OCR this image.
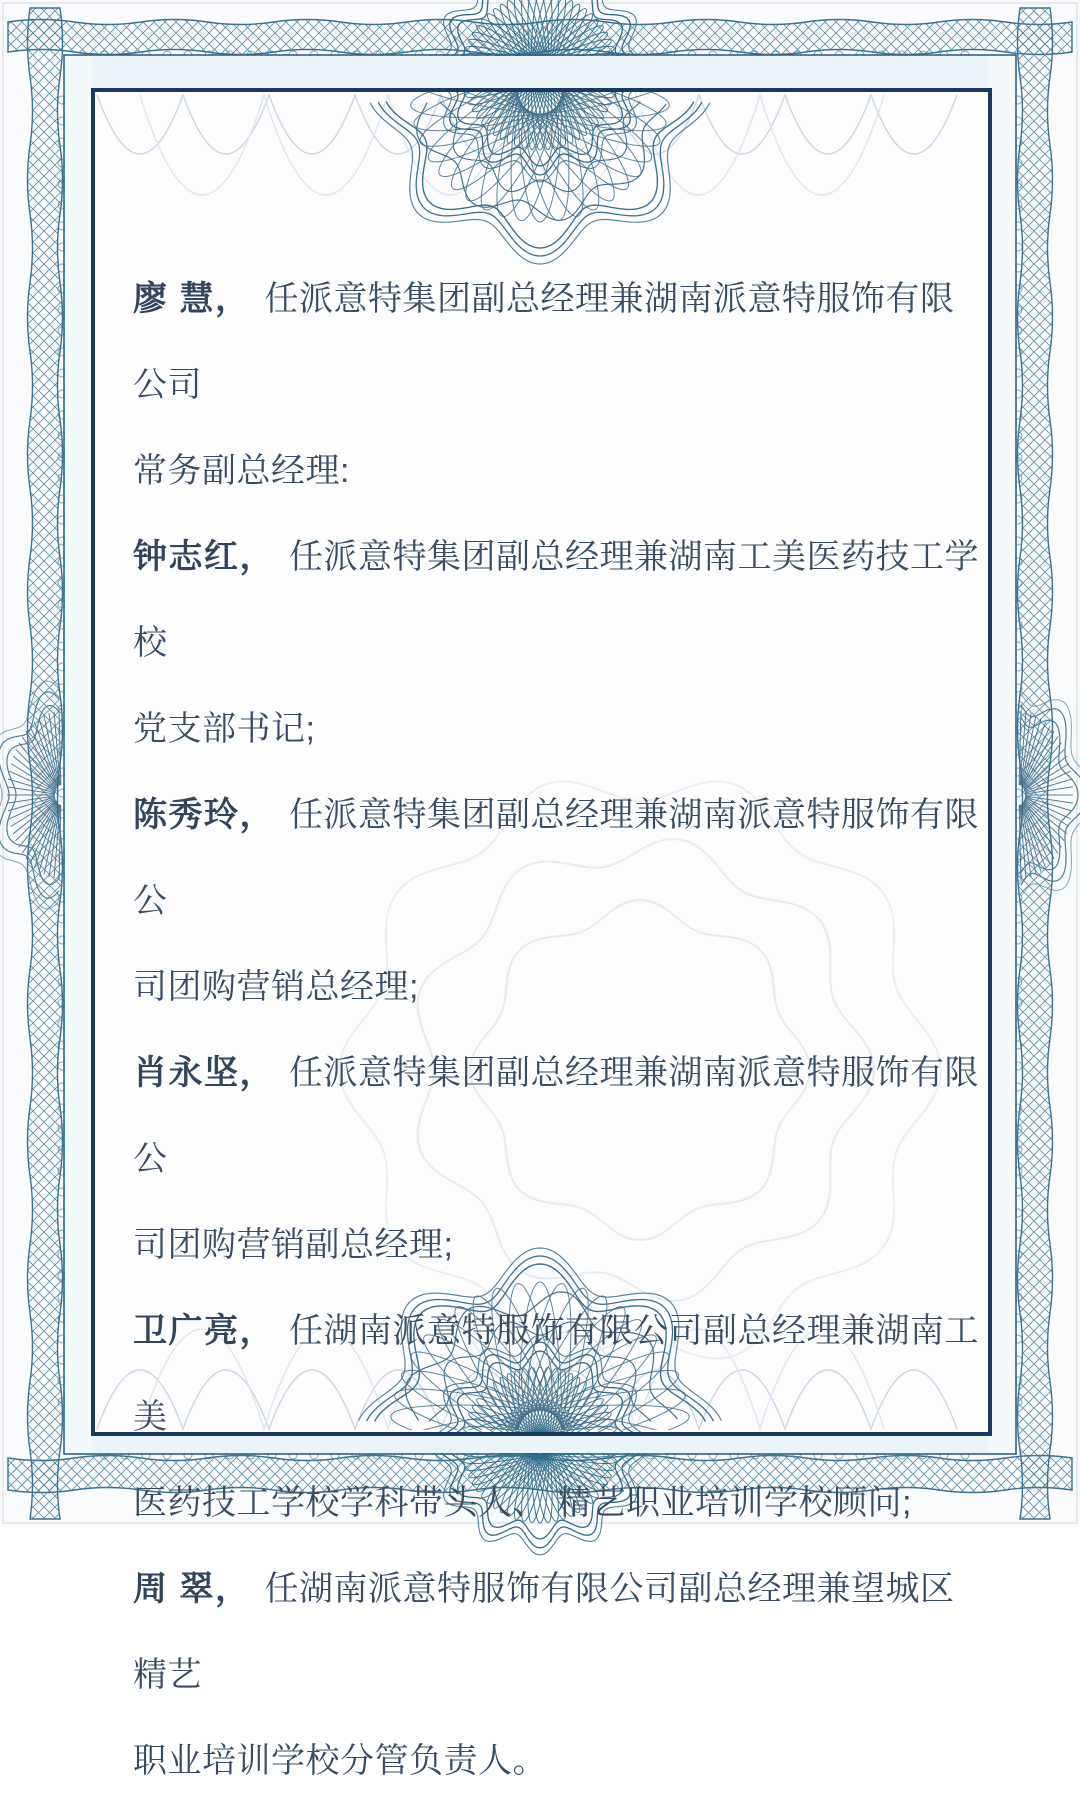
廖 慧， 任派意特集团副总经理兼湖南派意特服饰有限公司
常务副总经理:

钟志红， 任派意特集团副总经理兼湖南工美医药技工学校
党支部书记;

陈秀玲， 任派意特集团副总经理兼湖南派意特服饰有限公
司团购营销总经理;

肖永坚， 任派意特集团副总经理兼湖南派意特服饰有限公
司团购营销副总经理;

卫广亮， 任湖南派意特服饰有限公司副总经理兼湖南工美
医药技工学校学科带头人、 精艺职业培训学校顾问;

周 翠， 任湖南派意特服饰有限公司副总经理兼望城区精艺
职业培训学校分管负责人。
